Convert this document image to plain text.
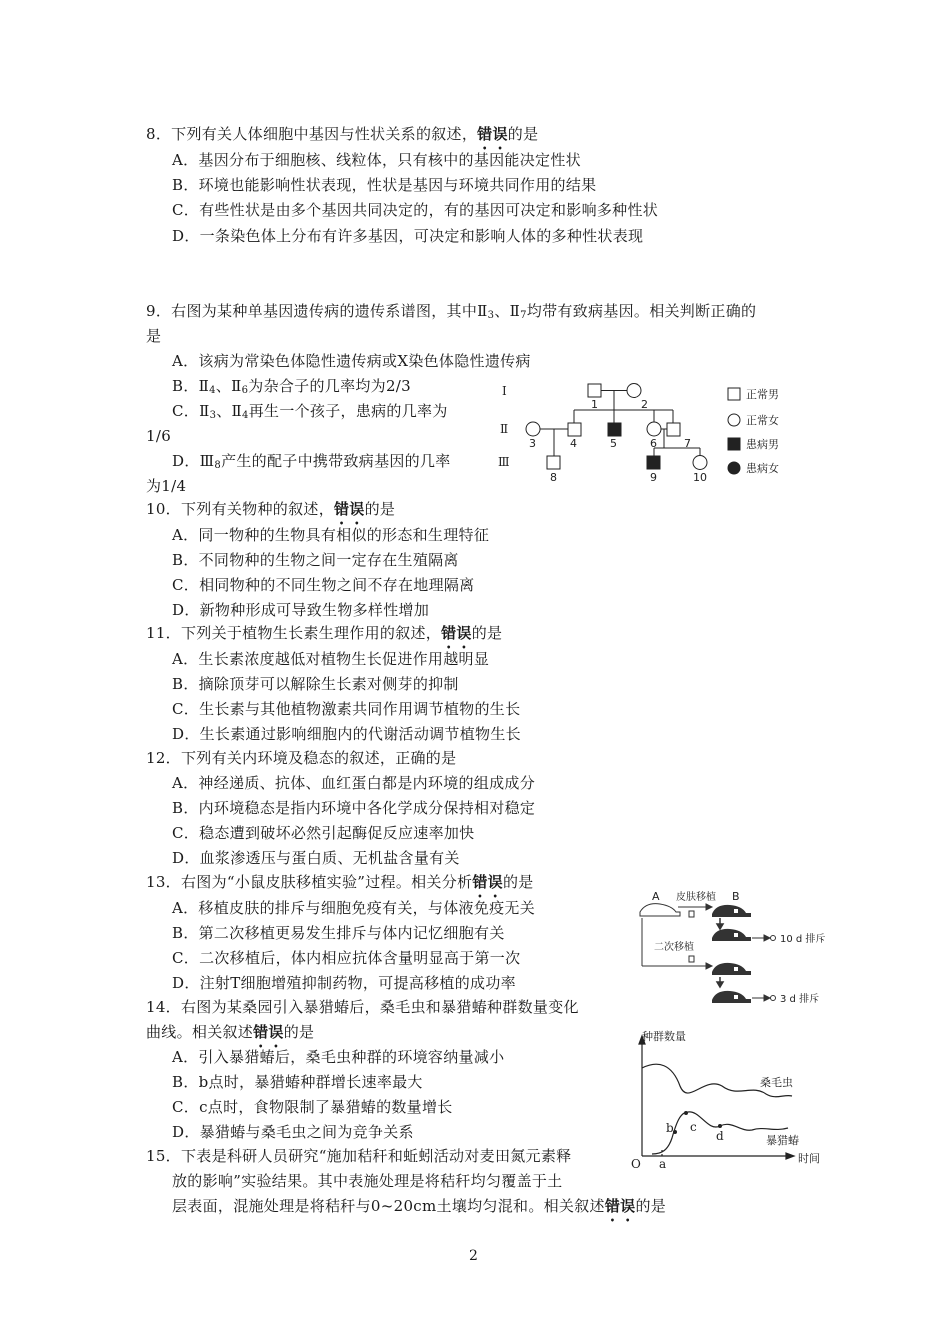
8．下列有关人体细胞中基因与性状关系的叙述，错误的是
A．基因分布于细胞核、线粒体，只有核中的基因能决定性状
B．环境也能影响性状表现，性状是基因与环境共同作用的结果
C．有些性状是由多个基因共同决定的，有的基因可决定和影响多种性状
D．一条染色体上分布有许多基因，可决定和影响人体的多种性状表现
9．右图为某种单基因遗传病的遗传系谱图，其中$Ⅱ_3$、$Ⅱ_7$均带有致病基因。相关判断正确的
是
A．该病为常染色体隐性遗传病或X染色体隐性遗传病
B．$Ⅱ_4$、$Ⅱ_6$为杂合子的几率均为2/3
C．$Ⅱ_3$、$Ⅱ_4$再生一个孩子，患病的几率为
1/6
D．$Ⅲ_8$产生的配子中携带致病基因的几率
为1/4
Ⅰ
Ⅱ
Ⅲ
1	2
3	4	5	6 7
8	9	10
正常男
正常女
患病男
患病女
10．下列有关物种的叙述，错误的是
A．同一物种的生物具有相似的形态和生理特征
B．不同物种的生物之间一定存在生殖隔离
C．相同物种的不同生物之间不存在地理隔离
D．新物种形成可导致生物多样性增加
11．下列关于植物生长素生理作用的叙述，错误的是
A．生长素浓度越低对植物生长促进作用越明显
B．摘除顶芽可以解除生长素对侧芽的抑制
C．生长素与其他植物激素共同作用调节植物的生长
D．生长素通过影响细胞内的代谢活动调节植物生长
12．下列有关内环境及稳态的叙述，正确的是
A．神经递质、抗体、血红蛋白都是内环境的组成成分
B．内环境稳态是指内环境中各化学成分保持相对稳定
C．稳态遭到破坏必然引起酶促反应速率加快
D．血浆渗透压与蛋白质、无机盐含量有关
13．右图为“小鼠皮肤移植实验”过程。相关分析错误的是
A．移植皮肤的排斥与细胞免疫有关，与体液免疫无关
B．第二次移植更易发生排斥与体内记忆细胞有关
C．二次移植后，体内相应抗体含量明显高于第一次
D．注射T细胞增殖抑制药物，可提高移植的成功率
A	B
皮肤移植
二次移植
10 d 排斥
3 d 排斥
14．右图为某桑园引入暴猎蝽后，桑毛虫和暴猎蝽种群数量变化
曲线。相关叙述错误的是
A．引入暴猎蝽后，桑毛虫种群的环境容纳量减小
B．b点时，暴猎蝽种群增长速率最大
C．c点时，食物限制了暴猎蝽的数量增长
D．暴猎蝽与桑毛虫之间为竞争关系
种群数量
时间
O
桑毛虫
暴猎蝽
a
b c
d
15．下表是科研人员研究“施加秸秆和蚯蚓活动对麦田氮元素释
放的影响”实验结果。其中表施处理是将秸秆均匀覆盖于土
层表面，混施处理是将秸秆与0~20cm土壤均匀混和。相关叙述错误的是
2
